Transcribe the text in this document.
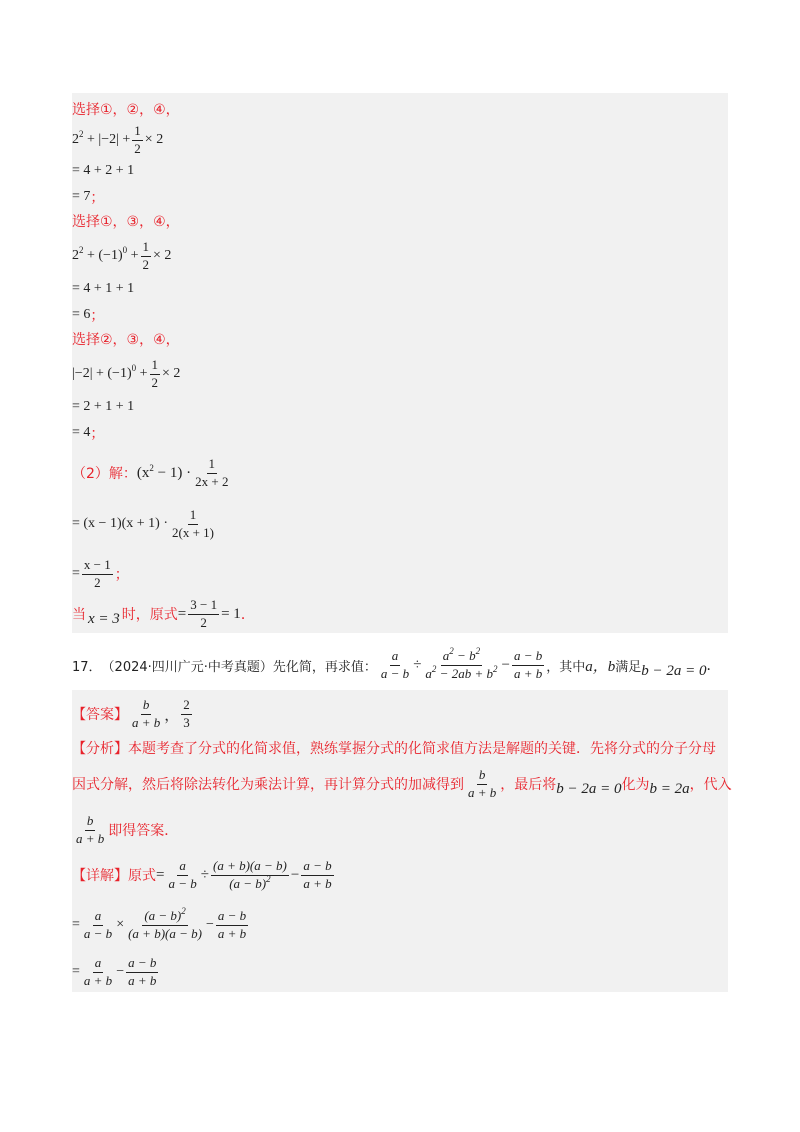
选择①，②，④，
$2^2 + |-2| + \frac{1}{2} \times 2$
= 4 + 2 + 1
= 7 ；
选择①，③，④，
$2^2 + (-1)^0 + \frac{1}{2} \times 2$
= 4 + 1 + 1
= 6 ；
选择②，③，④，
$|-2| + (-1)^0 + \frac{1}{2} \times 2$
= 2 + 1 + 1
= 4 ；
（2）解： $(x^2 - 1) \cdot \frac{1}{2x + 2}$
= $(x - 1)(x + 1) \cdot \frac{1}{2(x + 1)}$
= $\frac{x - 1}{2}$ ；
当 x = 3 时，原式 = $\frac{3 - 1}{2} = 1$ ．
17． （2024·四川广元·中考真题）先化简，再求值： $\frac{a}{a - b} \div \frac{a^2 - b^2}{a^2 - 2ab + b^2} - \frac{a - b}{a + b}$ ，其中 a，b 满足 b − 2a = 0 ．
【答案】 $\frac{b}{a + b}$ ， $\frac{2}{3}$
【分析】 本题考查了分式的化简求值，熟练掌握分式的化简求值方法是解题的关键．先将分式的分子分母
因式分解，然后将除法转化为乘法计算，再计算分式的加减得到 $\frac{b}{a + b}$ ，最后将 b − 2a = 0 化为 b = 2a ，代入
$\frac{b}{a + b}$ 即得答案．
【详解】原式 = $\frac{a}{a - b} \div \frac{(a + b)(a - b)}{(a - b)^2} - \frac{a - b}{a + b}$
= $\frac{a}{a - b} \times \frac{(a - b)^2}{(a + b)(a - b)} - \frac{a - b}{a + b}$
= $\frac{a}{a + b} - \frac{a - b}{a + b}$
